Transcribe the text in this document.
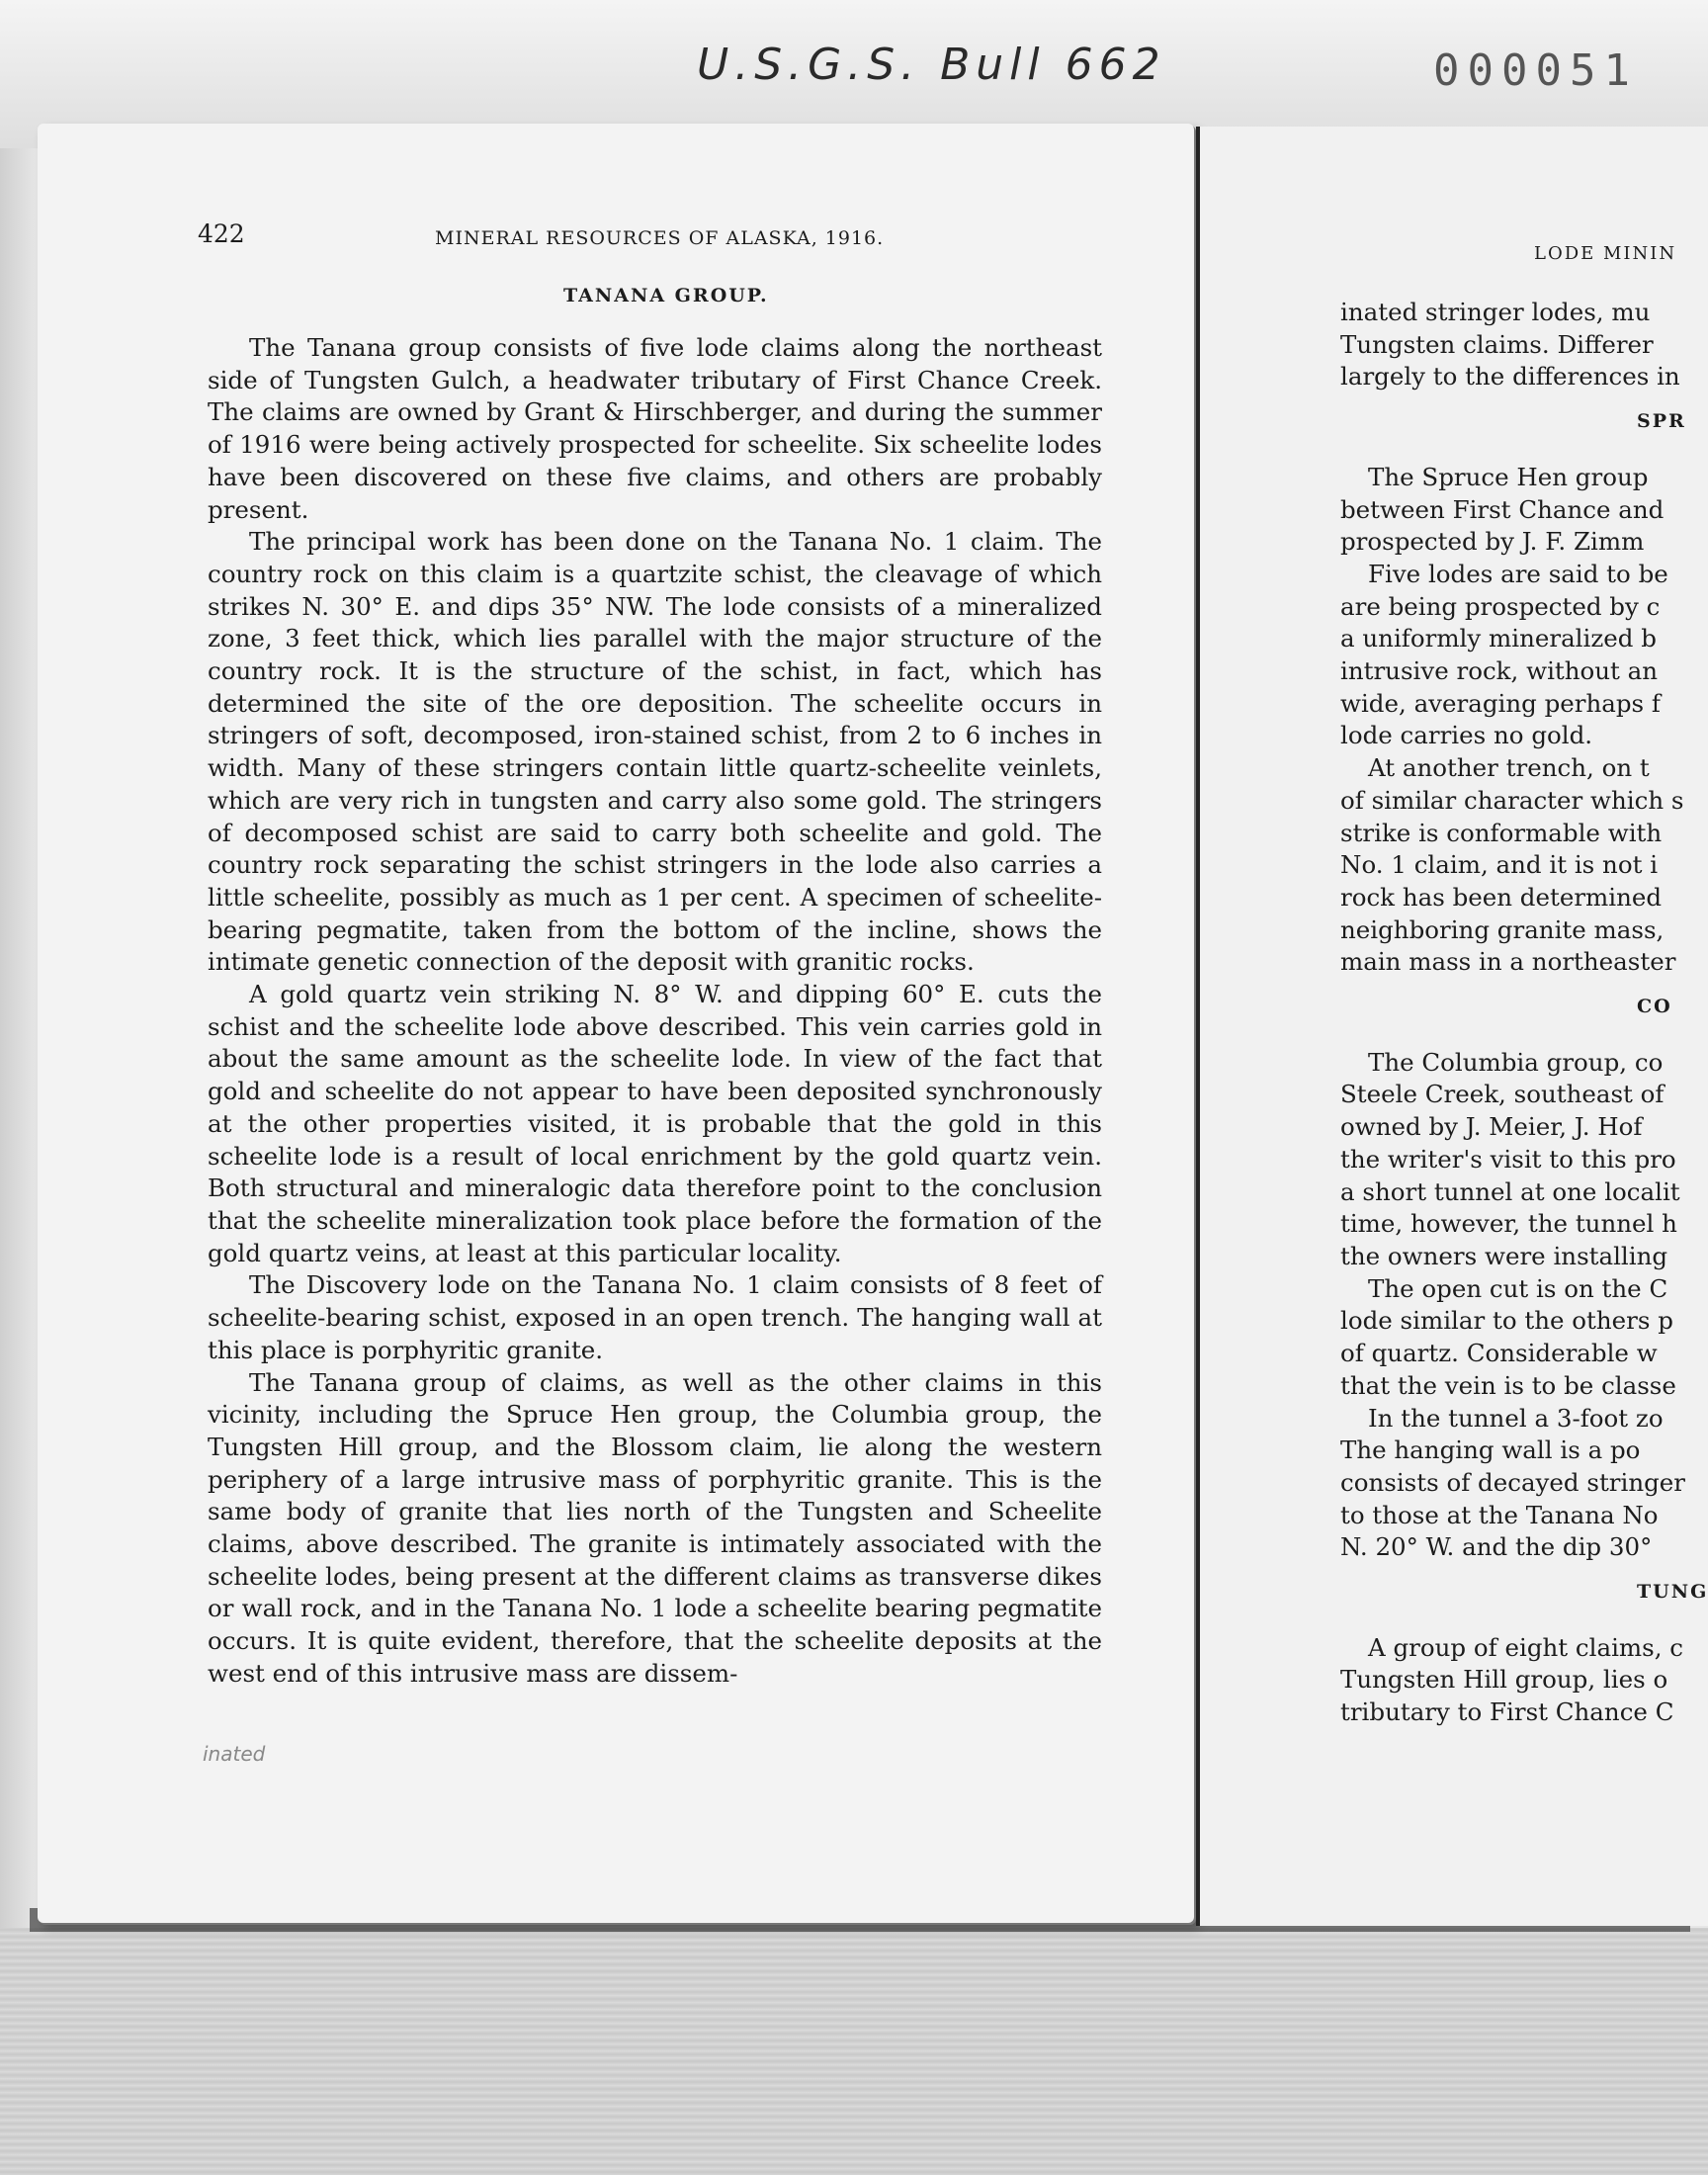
U.S.G.S. Bull 662	000051
422	MINERAL RESOURCES OF ALASKA, 1916.
TANANA GROUP.

The Tanana group consists of five lode claims along the northeast side of Tungsten Gulch, a headwater tributary of First Chance Creek. The claims are owned by Grant & Hirschberger, and during the summer of 1916 were being actively prospected for scheelite. Six scheelite lodes have been discovered on these five claims, and others are probably present.

The principal work has been done on the Tanana No. 1 claim. The country rock on this claim is a quartzite schist, the cleavage of which strikes N. 30° E. and dips 35° NW. The lode consists of a mineralized zone, 3 feet thick, which lies parallel with the major structure of the country rock. It is the structure of the schist, in fact, which has determined the site of the ore deposition. The scheelite occurs in stringers of soft, decomposed, iron-stained schist, from 2 to 6 inches in width. Many of these stringers contain little quartz-scheelite veinlets, which are very rich in tungsten and carry also some gold. The stringers of decomposed schist are said to carry both scheelite and gold. The country rock separating the schist stringers in the lode also carries a little scheelite, possibly as much as 1 per cent. A specimen of scheelite-bearing pegmatite, taken from the bottom of the incline, shows the intimate genetic connection of the deposit with granitic rocks.

A gold quartz vein striking N. 8° W. and dipping 60° E. cuts the schist and the scheelite lode above described. This vein carries gold in about the same amount as the scheelite lode. In view of the fact that gold and scheelite do not appear to have been deposited synchronously at the other properties visited, it is probable that the gold in this scheelite lode is a result of local enrichment by the gold quartz vein. Both structural and mineralogic data therefore point to the conclusion that the scheelite mineralization took place before the formation of the gold quartz veins, at least at this particular locality.

The Discovery lode on the Tanana No. 1 claim consists of 8 feet of scheelite-bearing schist, exposed in an open trench. The hanging wall at this place is porphyritic granite.

The Tanana group of claims, as well as the other claims in this vicinity, including the Spruce Hen group, the Columbia group, the Tungsten Hill group, and the Blossom claim, lie along the western periphery of a large intrusive mass of porphyritic granite. This is the same body of granite that lies north of the Tungsten and Scheelite claims, above described. The granite is intimately associated with the scheelite lodes, being present at the different claims as transverse dikes or wall rock, and in the Tanana No. 1 lode a scheelite bearing pegmatite occurs. It is quite evident, therefore, that the scheelite deposits at the west end of this intrusive mass are dissem-

inated
LODE MININ
inated stringer lodes, mu
Tungsten claims. Differer
largely to the differences in
SPR
The Spruce Hen group
between First Chance and
prospected by J. F. Zimm
Five lodes are said to be
are being prospected by c
a uniformly mineralized b
intrusive rock, without an
wide, averaging perhaps f
lode carries no gold.
At another trench, on t
of similar character which s
strike is conformable with
No. 1 claim, and it is not i
rock has been determined
neighboring granite mass,
main mass in a northeaster
CO
The Columbia group, co
Steele Creek, southeast of
owned by J. Meier, J. Hof
the writer's visit to this pro
a short tunnel at one localit
time, however, the tunnel h
the owners were installing
The open cut is on the C
lode similar to the others p
of quartz. Considerable w
that the vein is to be classe
In the tunnel a 3-foot zo
The hanging wall is a po
consists of decayed stringer
to those at the Tanana No
N. 20° W. and the dip 30°
TUNG
A group of eight claims, c
Tungsten Hill group, lies o
tributary to First Chance C
